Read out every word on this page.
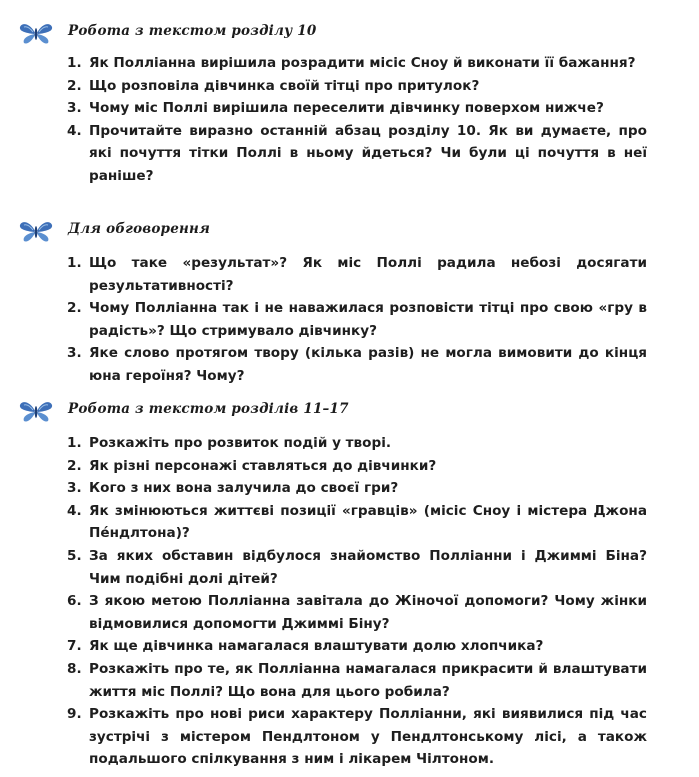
Робота з текстом розділу 10
1. Як Поллiанна вирiшила розрадити мiсiс Сноу й виконати її бажання?
2. Що розповiла дiвчинка своїй тiтцi про притулок?
3. Чому мiс Поллi вирiшила переселити дiвчинку поверхом нижче?
4. Прочитайте виразно останнiй абзац роздiлу 10. Як ви думаєте, про якi почуття тiтки Поллi в ньому йдеться? Чи були цi почуття в неї ранiше?
Для обговорення
1. Що таке «результат»? Як мiс Поллi радила небозi досягати результативностi?
2. Чому Поллiанна так i не наважилася розповiсти тiтцi про свою «гру в радiсть»? Що стримувало дiвчинку?
3. Яке слово протягом твору (кiлька разiв) не могла вимовити до кiнця юна героїня? Чому?
Робота з текстом роздiлiв 11–17
1. Розкажiть про розвиток подiй у творi.
2. Як рiзнi персонажi ставляться до дiвчинки?
3. Кого з них вона залучила до своєї гри?
4. Як змiнюються життєвi позицiї «гравцiв» (мiсiс Сноу i мiстера Джона Пе́ндлтона)?
5. За яких обставин вiдбулося знайомство Поллiанни i Джиммi Бiна? Чим подiбнi долi дiтей?
6. З якою метою Поллiанна завiтала до Жiночої допомоги? Чому жiнки вiдмовилися допомогти Джиммi Бiну?
7. Як ще дiвчинка намагалася влаштувати долю хлопчика?
8. Розкажiть про те, як Поллiанна намагалася прикрасити й влаштувати життя мiс Поллi? Що вона для цього робила?
9. Розкажiть про новi риси характеру Поллiанни, якi виявилися пiд час зустрiчi з мiстером Пендлтоном у Пендлтонському лiсi, а також подальшого спiлкування з ним i лiкарем Чiлтоном.
